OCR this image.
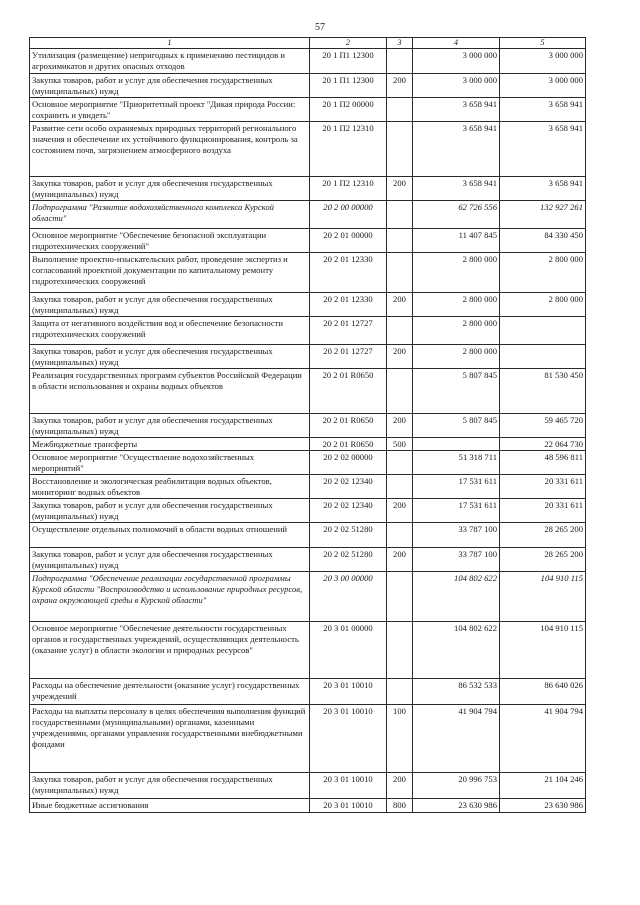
57
1	2	3	4	5
Утилизация (размещение) непригодных к применению пестицидов и агрохимикатов и других опасных отходов	20 1 П1 12300		3 000 000	3 000 000
Закупка товаров, работ и услуг для обеспечения государственных (муниципальных) нужд	20 1 П1 12300	200	3 000 000	3 000 000
Основное мероприятие "Приоритетный проект "Дикая природа России: сохранить и увидеть"	20 1 П2 00000		3 658 941	3 658 941
Развитие сети особо охраняемых природных территорий регионального значения и обеспечение их устойчивого функционирования, контроль за состоянием почв, загрязнением атмосферного воздуха	20 1 П2 12310		3 658 941	3 658 941
Закупка товаров, работ и услуг для обеспечения государственных (муниципальных) нужд	20 1 П2 12310	200	3 658 941	3 658 941
Подпрограмма "Развитие водохозяйственного комплекса Курской области"	20 2 00 00000		62 726 556	132 927 261
Основное мероприятие "Обеспечение безопасной эксплуатации гидротехнических сооружений"	20 2 01 00000		11 407 845	84 330 450
Выполнение проектно-изыскательских работ, проведение экспертиз и согласований проектной документации по капитальному ремонту гидротехнических сооружений	20 2 01 12330		2 800 000	2 800 000
Закупка товаров, работ и услуг для обеспечения государственных (муниципальных) нужд	20 2 01 12330	200	2 800 000	2 800 000
Защита от негативного воздействия вод и обеспечение безопасности гидротехнических сооружений	20 2 01 12727		2 800 000	
Закупка товаров, работ и услуг для обеспечения государственных (муниципальных) нужд	20 2 01 12727	200	2 800 000	
Реализация государственных программ субъектов Российской Федерации в области использования и охраны водных объектов	20 2 01 R0650		5 807 845	81 530 450
Закупка товаров, работ и услуг для обеспечения государственных (муниципальных) нужд	20 2 01 R0650	200	5 807 845	59 465 720
Межбюджетные трансферты	20 2 01 R0650	500		22 064 730
Основное мероприятие "Осуществление водохозяйственных мероприятий"	20 2 02 00000		51 318 711	48 596 811
Восстановление и экологическая реабилитация водных объектов, мониторинг водных объектов	20 2 02 12340		17 531 611	20 331 611
Закупка товаров, работ и услуг для обеспечения государственных (муниципальных) нужд	20 2 02 12340	200	17 531 611	20 331 611
Осуществление отдельных полномочий в области водных отношений	20 2 02 51280		33 787 100	28 265 200
Закупка товаров, работ и услуг для обеспечения государственных (муниципальных) нужд	20 2 02 51280	200	33 787 100	28 265 200
Подпрограмма "Обеспечение реализации государственной программы Курской области "Воспроизводство и использование природных ресурсов, охрана окружающей среды в Курской области"	20 3 00 00000		104 802 622	104 910 115
Основное мероприятие "Обеспечение деятельности государственных органов и государственных учреждений, осуществляющих деятельность (оказание услуг) в области экологии и природных ресурсов"	20 3 01 00000		104 802 622	104 910 115
Расходы на обеспечение деятельности (оказание услуг) государственных учреждений	20 3 01 10010		86 532 533	86 640 026
Расходы на выплаты персоналу в целях обеспечения выполнения функций государственными (муниципальными) органами, казенными учреждениями, органами управления государственными внебюджетными фондами	20 3 01 10010	100	41 904 794	41 904 794
Закупка товаров, работ и услуг для обеспечения государственных (муниципальных) нужд	20 3 01 10010	200	20 996 753	21 104 246
Иные бюджетные ассигнования	20 3 01 10010	800	23 630 986	23 630 986
